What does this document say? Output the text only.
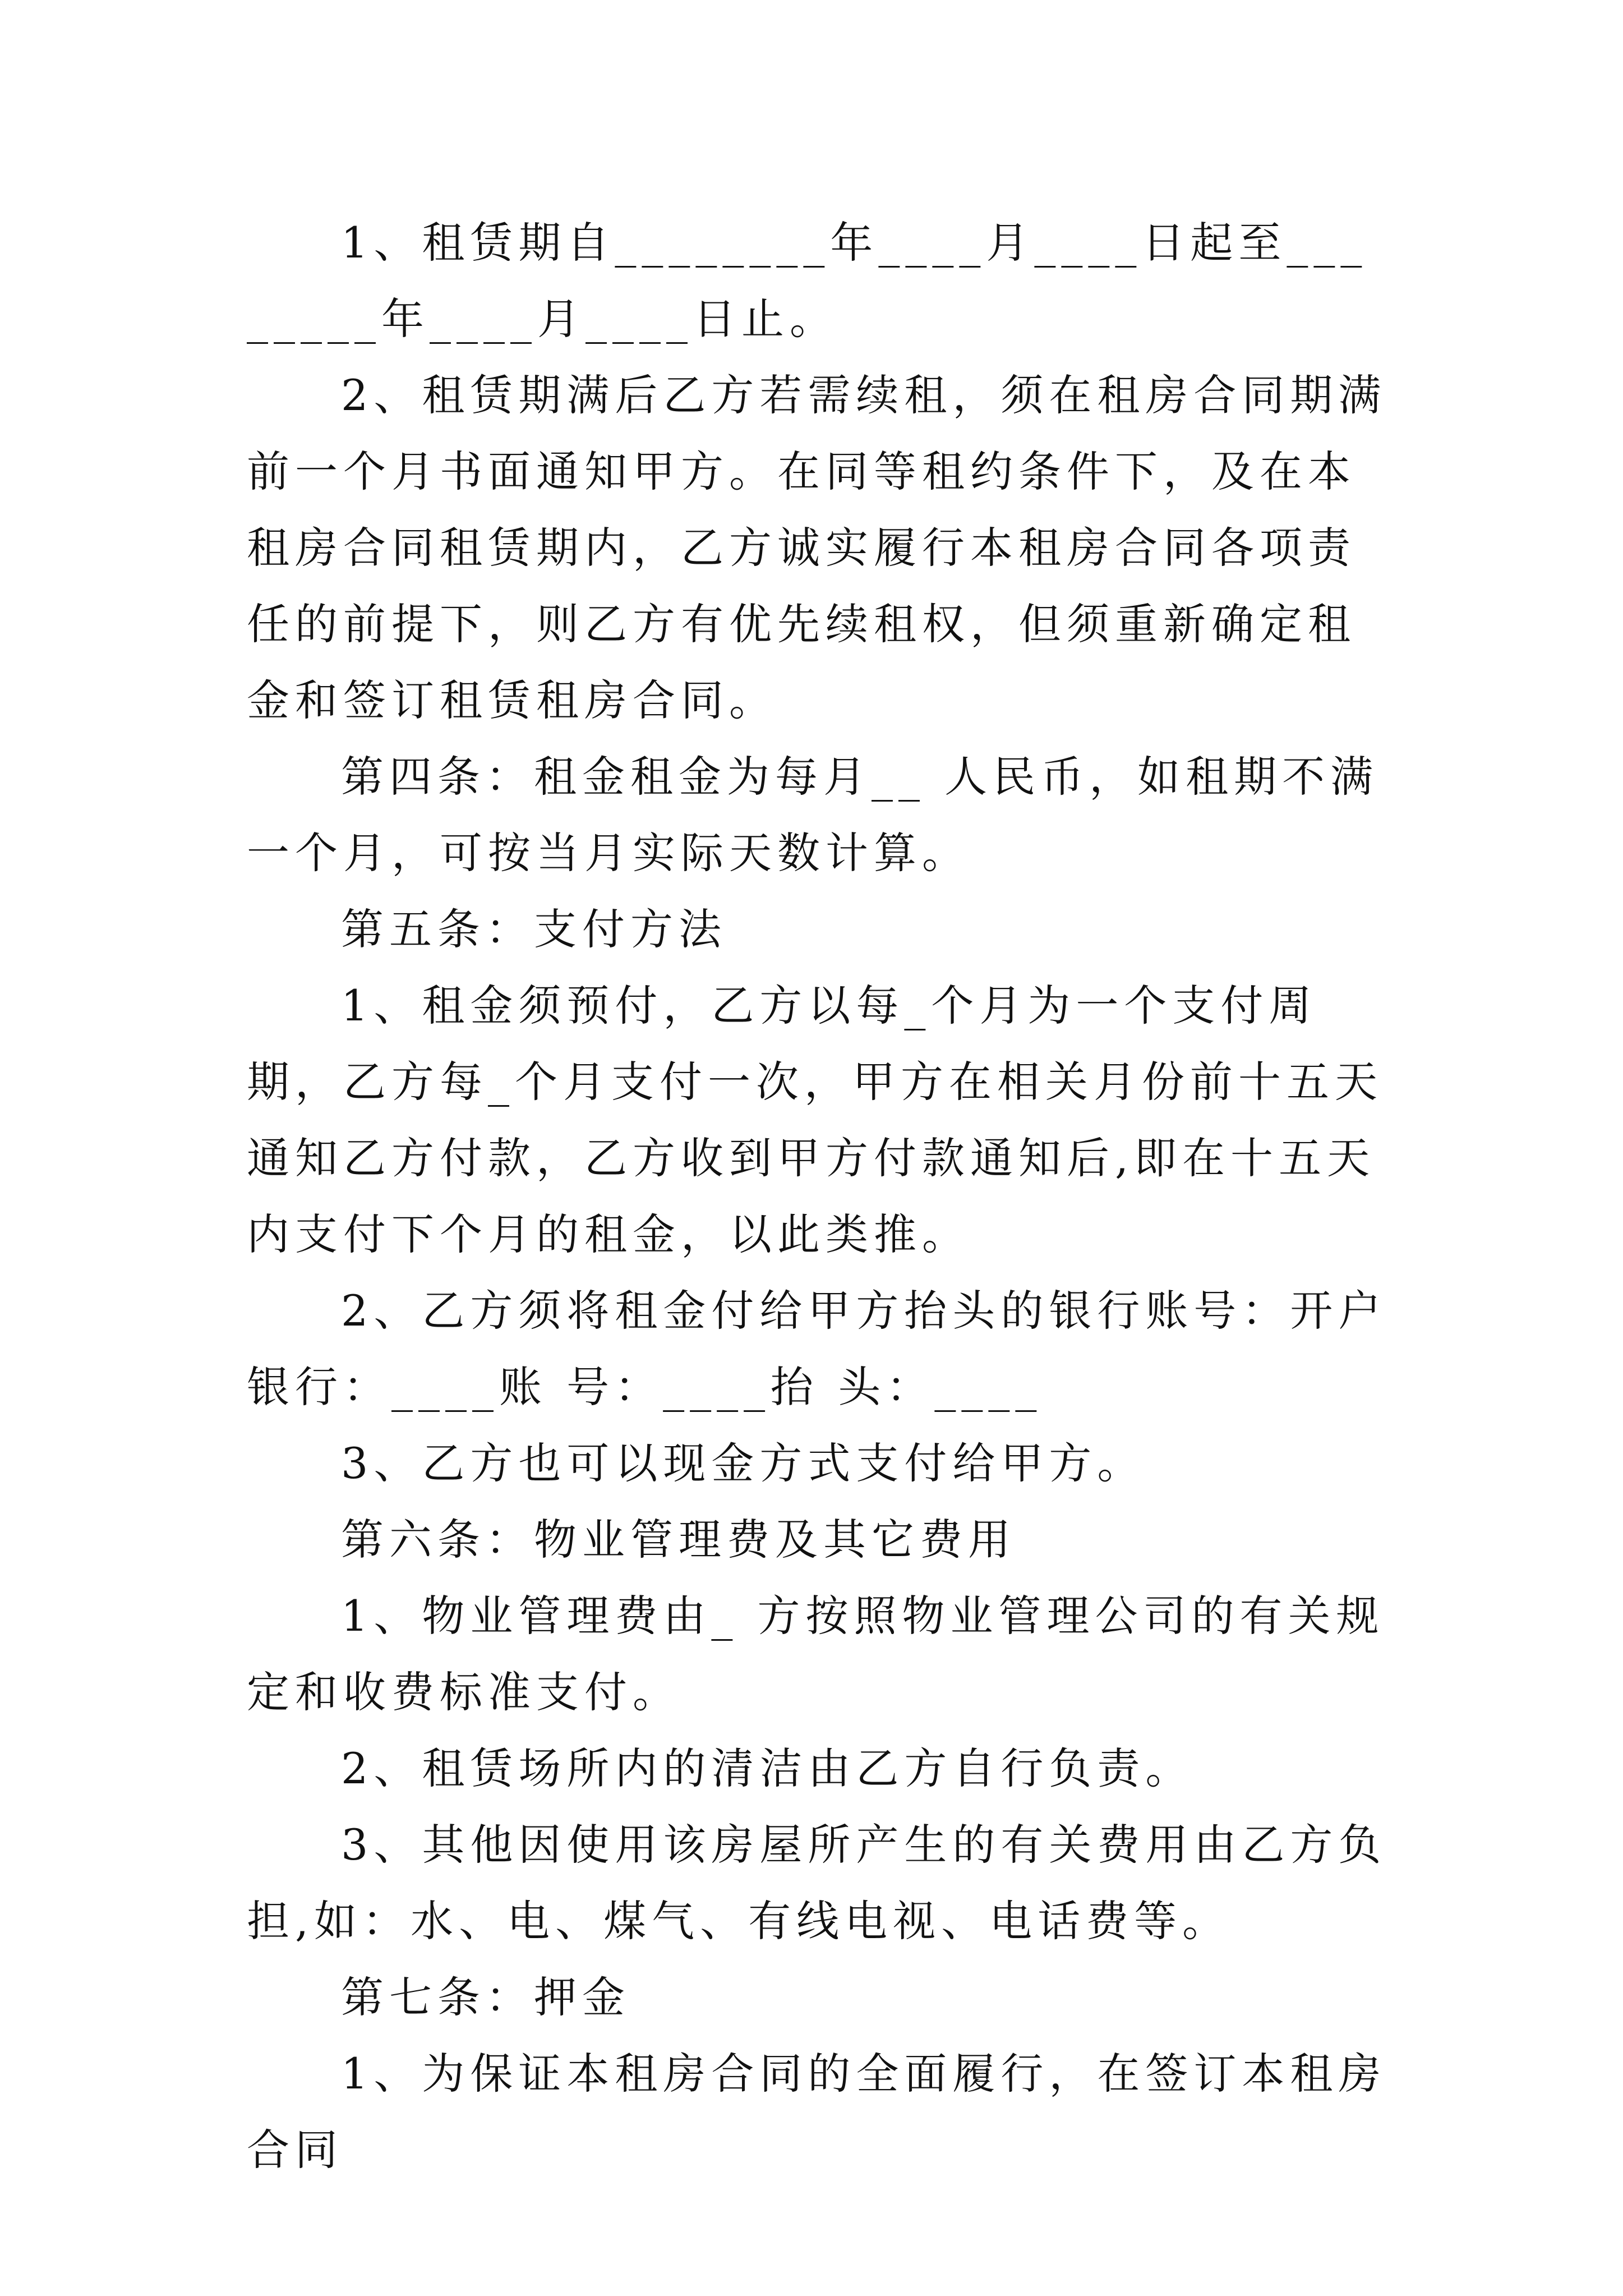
1、租赁期自________年____月____日起至________年____月____日止。

2、租赁期满后乙方若需续租，须在租房合同期满前一个月书面通知甲方。在同等租约条件下，及在本租房合同租赁期内，乙方诚实履行本租房合同各项责任的前提下，则乙方有优先续租权，但须重新确定租金和签订租赁租房合同。

第四条：租金租金为每月__ 人民币，如租期不满一个月，可按当月实际天数计算。

第五条：支付方法

1、租金须预付，乙方以每_个月为一个支付周期，乙方每_个月支付一次，甲方在相关月份前十五天通知乙方付款，乙方收到甲方付款通知后,即在十五天内支付下个月的租金，以此类推。

2、乙方须将租金付给甲方抬头的银行账号：开户银行：____账 号：____抬 头：____

3、乙方也可以现金方式支付给甲方。

第六条：物业管理费及其它费用

1、物业管理费由_ 方按照物业管理公司的有关规定和收费标准支付。

2、租赁场所内的清洁由乙方自行负责。

3、其他因使用该房屋所产生的有关费用由乙方负担,如：水、电、煤气、有线电视、电话费等。

第七条：押金

1、为保证本租房合同的全面履行，在签订本租房合同
